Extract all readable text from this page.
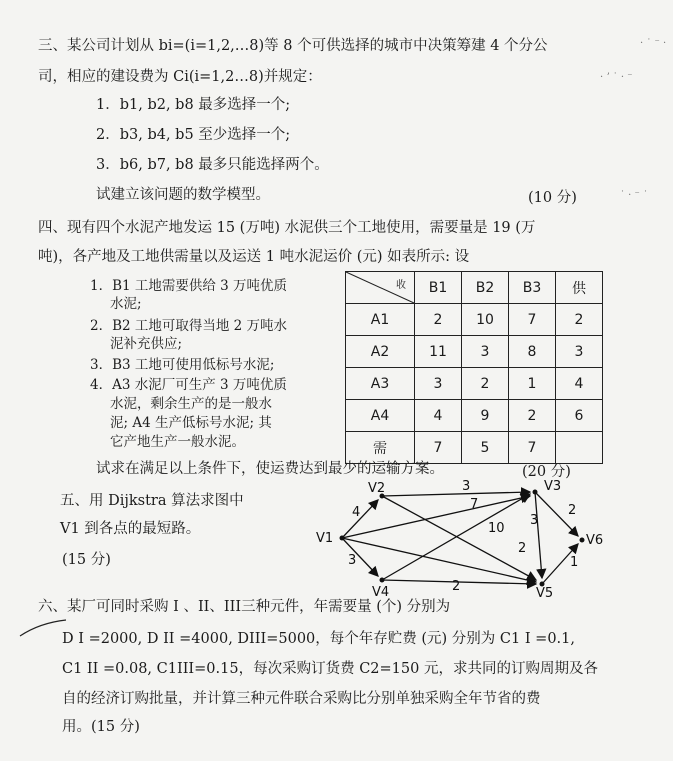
· ˙ ⁻ ·
· ʼ ˙ · ⁻
˙ · ⁻ ˙
三、某公司计划从 bi=(i=1,2,…8)等 8 个可供选择的城市中决策筹建 4 个分公
司，相应的建设费为 Ci(i=1,2…8)并规定：
1．b1, b2, b8 最多选择一个;
2．b3, b4, b5 至少选择一个;
3．b6, b7, b8 最多只能选择两个。
试建立该问题的数学模型。	(10 分)
四、现有四个水泥产地发运 15 (万吨) 水泥供三个工地使用，需要量是 19 (万
吨)，各产地及工地供需量以及运送 1 吨水泥运价 (元) 如表所示: 设
1．B1 工地需要供给 3 万吨优质
水泥;
2．B2 工地可取得当地 2 万吨水
泥补充供应;
3．B3 工地可使用低标号水泥;
4．A3 水泥厂可生产 3 万吨优质
水泥，剩余生产的是一般水
泥; A4 生产低标号水泥; 其
它产地生产一般水泥。
收	B1	B2	B3	供
A1	2	10	7	2
A2	11	3	8	3
A3	3	2	1	4
A4	4	9	2	6
需	7	5	7	
试求在满足以上条件下，使运费达到最少的运输方案。	(20 分)
五、用 Dijkstra 算法求图中
V1 到各点的最短路。
(15 分)
V1
V2	V3
V4	V5
V6
4
3
7
10
3
2
3
2
2
1
六、某厂可同时采购 I 、II、III三种元件，年需要量 (个) 分别为
D I =2000, D II =4000, DIII=5000，每个年存贮费 (元) 分别为 C1 I =0.1,
C1 II =0.08, C1III=0.15，每次采购订货费 C2=150 元，求共同的订购周期及各
自的经济订购批量，并计算三种元件联合采购比分别单独采购全年节省的费
用。(15 分)
